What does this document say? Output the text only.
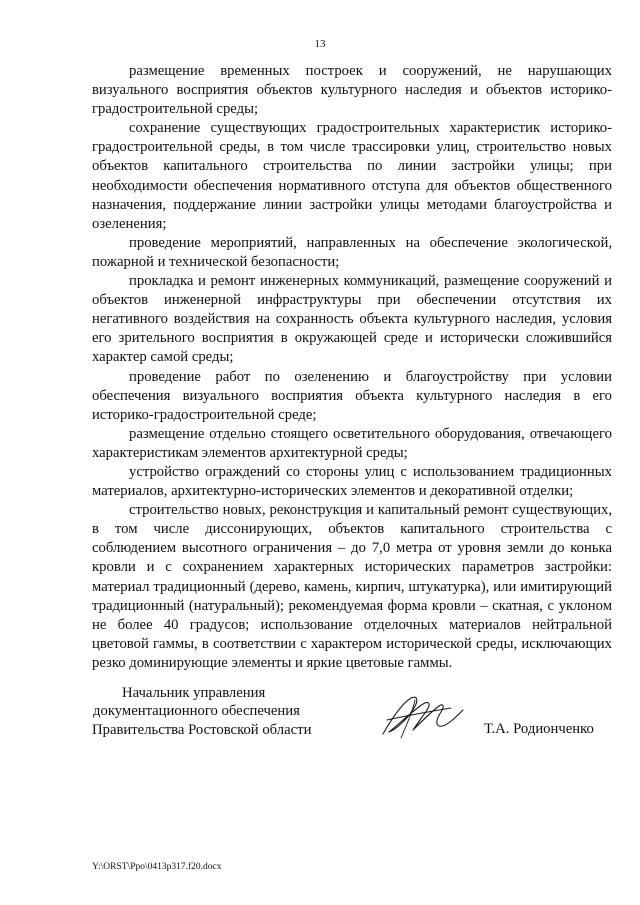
13

размещение временных построек и сооружений, не нарушающих визуального восприятия объектов культурного наследия и объектов историко-градостроительной среды;

сохранение существующих градостроительных характеристик историко-градостроительной среды, в том числе трассировки улиц, строительство новых объектов капитального строительства по линии застройки улицы; при необходимости обеспечения нормативного отступа для объектов общественного назначения, поддержание линии застройки улицы методами благоустройства и озеленения;

проведение мероприятий, направленных на обеспечение экологической, пожарной и технической безопасности;

прокладка и ремонт инженерных коммуникаций, размещение сооружений и объектов инженерной инфраструктуры при обеспечении отсутствия их негативного воздействия на сохранность объекта культурного наследия, условия его зрительного восприятия в окружающей среде и исторически сложившийся характер самой среды;

проведение работ по озеленению и благоустройству при условии обеспечения визуального восприятия объекта культурного наследия в его историко-градостроительной среде;

размещение отдельно стоящего осветительного оборудования, отвечающего характеристикам элементов архитектурной среды;

устройство ограждений со стороны улиц с использованием традиционных материалов, архитектурно-исторических элементов и декоративной отделки;

строительство новых, реконструкция и капитальный ремонт существующих, в том числе диссонирующих, объектов капитального строительства с соблюдением высотного ограничения – до 7,0 метра от уровня земли до конька кровли и с сохранением характерных исторических параметров застройки: материал традиционный (дерево, камень, кирпич, штукатурка), или имитирующий традиционный (натуральный); рекомендуемая форма кровли – скатная, с уклоном не более 40 градусов; использование отделочных материалов нейтральной цветовой гаммы, в соответствии с характером исторической среды, исключающих резко доминирующие элементы и яркие цветовые гаммы.

Начальник управления
документационного обеспечения
Правительства Ростовской области	Т.А. Родионченко
Y:\ORST\Ppo\0413p317.f20.docx
